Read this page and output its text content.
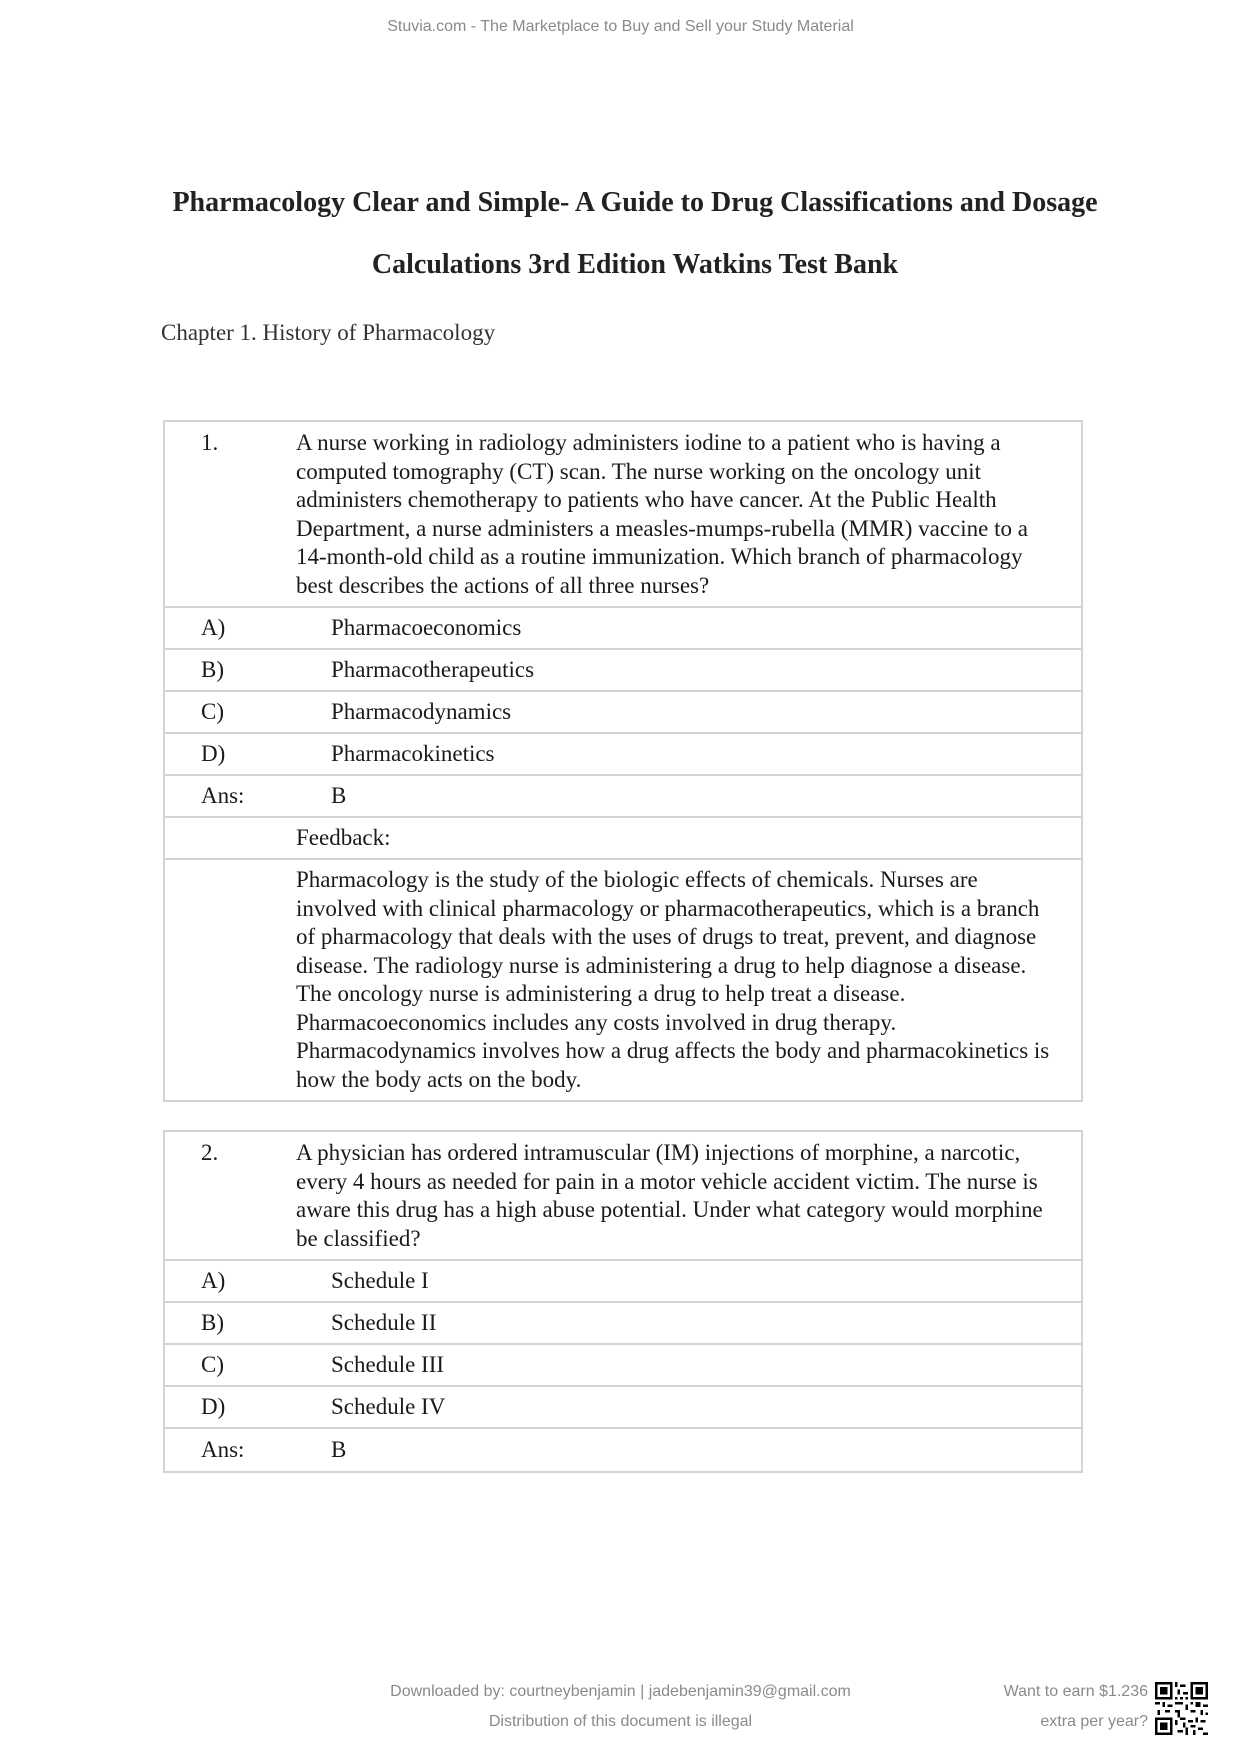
Stuvia.com - The Marketplace to Buy and Sell your Study Material
Pharmacology Clear and Simple- A Guide to Drug Classifications and Dosage
Calculations 3rd Edition Watkins Test Bank
Chapter 1. History of Pharmacology
1.	A nurse working in radiology administers iodine to a patient who is having a computed tomography (CT) scan. The nurse working on the oncology unit administers chemotherapy to patients who have cancer. At the Public Health Department, a nurse administers a measles-mumps-rubella (MMR) vaccine to a 14-month-old child as a routine immunization. Which branch of pharmacology best describes the actions of all three nurses?
A)	Pharmacoeconomics
B)	Pharmacotherapeutics
C)	Pharmacodynamics
D)	Pharmacokinetics
Ans:	B
Feedback:
Pharmacology is the study of the biologic effects of chemicals. Nurses are involved with clinical pharmacology or pharmacotherapeutics, which is a branch of pharmacology that deals with the uses of drugs to treat, prevent, and diagnose disease. The radiology nurse is administering a drug to help diagnose a disease. The oncology nurse is administering a drug to help treat a disease. Pharmacoeconomics includes any costs involved in drug therapy. Pharmacodynamics involves how a drug affects the body and pharmacokinetics is how the body acts on the body.
2.	A physician has ordered intramuscular (IM) injections of morphine, a narcotic, every 4 hours as needed for pain in a motor vehicle accident victim. The nurse is aware this drug has a high abuse potential. Under what category would morphine be classified?
A)	Schedule I
B)	Schedule II
C)	Schedule III
D)	Schedule IV
Ans:	B
Downloaded by: courtneybenjamin | jadebenjamin39@gmail.com
Distribution of this document is illegal
Want to earn $1.236
extra per year?
